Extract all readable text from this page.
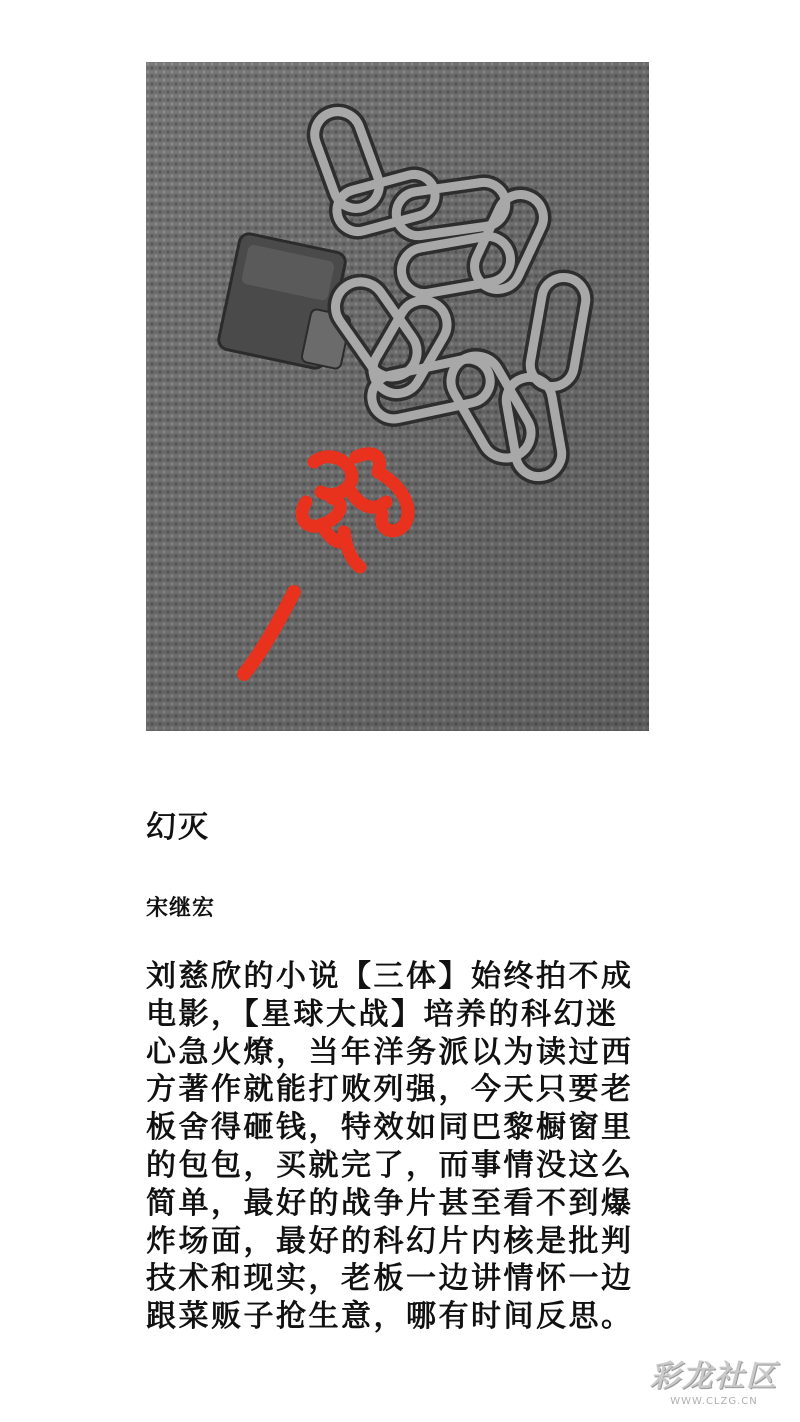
幻灭
宋继宏
刘慈欣的小说【三体】始终拍不成
电影，【星球大战】培养的科幻迷
心急火燎，当年洋务派以为读过西
方著作就能打败列强，今天只要老
板舍得砸钱，特效如同巴黎橱窗里
的包包，买就完了，而事情没这么
简单，最好的战争片甚至看不到爆
炸场面，最好的科幻片内核是批判
技术和现实，老板一边讲情怀一边
跟菜贩子抢生意，哪有时间反思。
彩龙社区
WWW.CLZG.CN
